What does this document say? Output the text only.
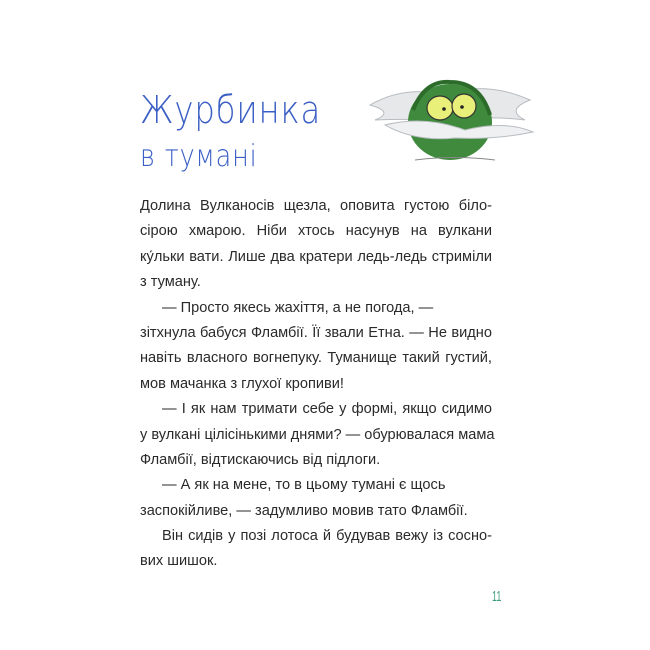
Журбинка
в тумані
Долина Вулканосів щезла, оповита густою біло-
сірою хмарою. Ніби хтось насунув на вулкани
ку́льки вати. Лише два кратери ледь-ледь стриміли
з туману.
— Просто якесь жахіття, а не погода, —
зітхнула бабуся Фламбії. Її звали Етна. — Не видно
навіть власного вогнепуку. Туманище такий густий,
мов мачанка з глухої кропиви!
— І як нам тримати себе у формі, якщо сидимо
у вулкані цілісінькими днями? — обурювалася мама
Фламбії, відтискаючись від підлоги.
— А як на мене, то в цьому тумані є щось
заспокійливе, — задумливо мовив тато Фламбії.
Він сидів у позі лотоса й будував вежу із сосно-
вих шишок.
11
